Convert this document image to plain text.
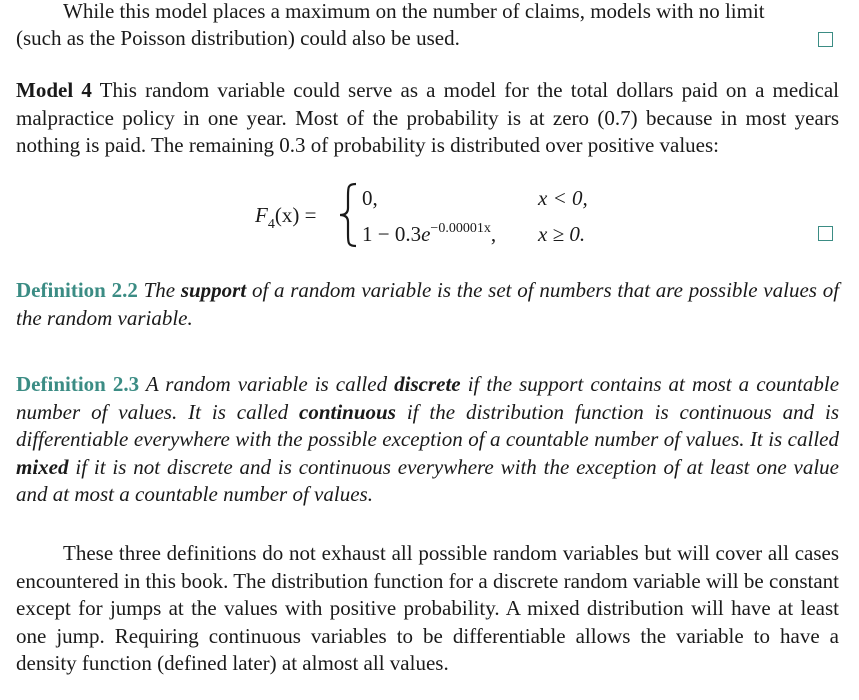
While this model places a maximum on the number of claims, models with no limit
(such as the Poisson distribution) could also be used.

Model 4 This random variable could serve as a model for the total dollars paid on a medical malpractice policy in one year. Most of the probability is at zero (0.7) because in most years nothing is paid. The remaining 0.3 of probability is distributed over positive values:

$F_4(x)$ =
0,	x < 0,
$1 - 0.3e^{-0.00001x}$, x ≥ 0.

Definition 2.2 The support of a random variable is the set of numbers that are possible values of the random variable.

Definition 2.3 A random variable is called discrete if the support contains at most a countable number of values. It is called continuous if the distribution function is continuous and is differentiable everywhere with the possible exception of a countable number of values. It is called mixed if it is not discrete and is continuous everywhere with the exception of at least one value and at most a countable number of values.

These three definitions do not exhaust all possible random variables but will cover all cases encountered in this book. The distribution function for a discrete random variable will be constant except for jumps at the values with positive probability. A mixed distribution will have at least one jump. Requiring continuous variables to be differentiable allows the variable to have a density function (defined later) at almost all values.
